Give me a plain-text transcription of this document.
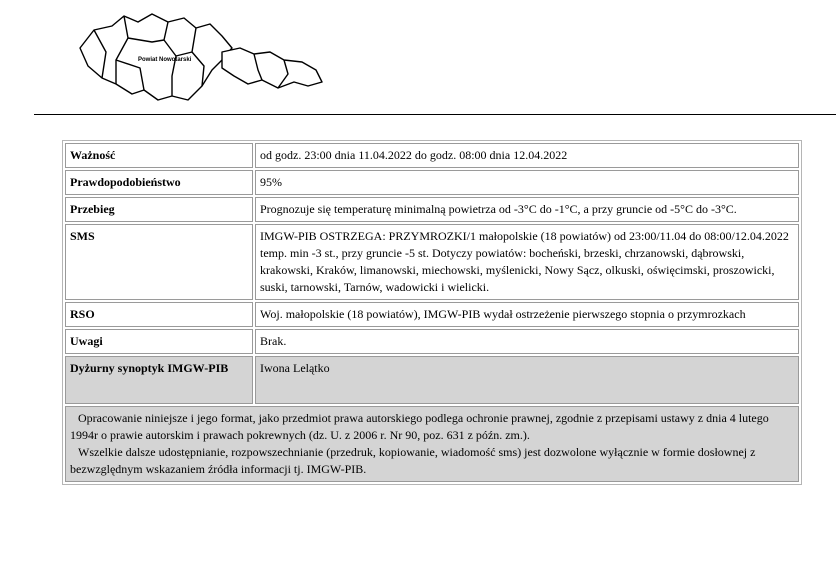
Powiat Nowotarski
Ważność	od godz. 23:00 dnia 11.04.2022 do godz. 08:00 dnia 12.04.2022
Prawdopodobieństwo	95%
Przebieg	Prognozuje się temperaturę minimalną powietrza od -3°C do -1°C, a przy gruncie od -5°C do -3°C.
SMS	IMGW-PIB OSTRZEGA: PRZYMROZKI/1 małopolskie (18 powiatów) od 23:00/11.04 do 08:00/12.04.2022 temp. min -3 st., przy gruncie -5 st. Dotyczy powiatów: bocheński, brzeski, chrzanowski, dąbrowski, krakowski, Kraków, limanowski, miechowski, myślenicki, Nowy Sącz, olkuski, oświęcimski, proszowicki, suski, tarnowski, Tarnów, wadowicki i wielicki.
RSO	Woj. małopolskie (18 powiatów), IMGW-PIB wydał ostrzeżenie pierwszego stopnia o przymrozkach
Uwagi	Brak.
Dyżurny synoptyk IMGW-PIB	Iwona Lelątko

Opracowanie niniejsze i jego format, jako przedmiot prawa autorskiego podlega ochronie prawnej, zgodnie z przepisami ustawy z dnia 4 lutego 1994r o prawie autorskim i prawach pokrewnych (dz. U. z 2006 r. Nr 90, poz. 631 z późn. zm.).
Wszelkie dalsze udostępnianie, rozpowszechnianie (przedruk, kopiowanie, wiadomość sms) jest dozwolone wyłącznie w formie dosłownej z bezwzględnym wskazaniem źródła informacji tj. IMGW-PIB.	
